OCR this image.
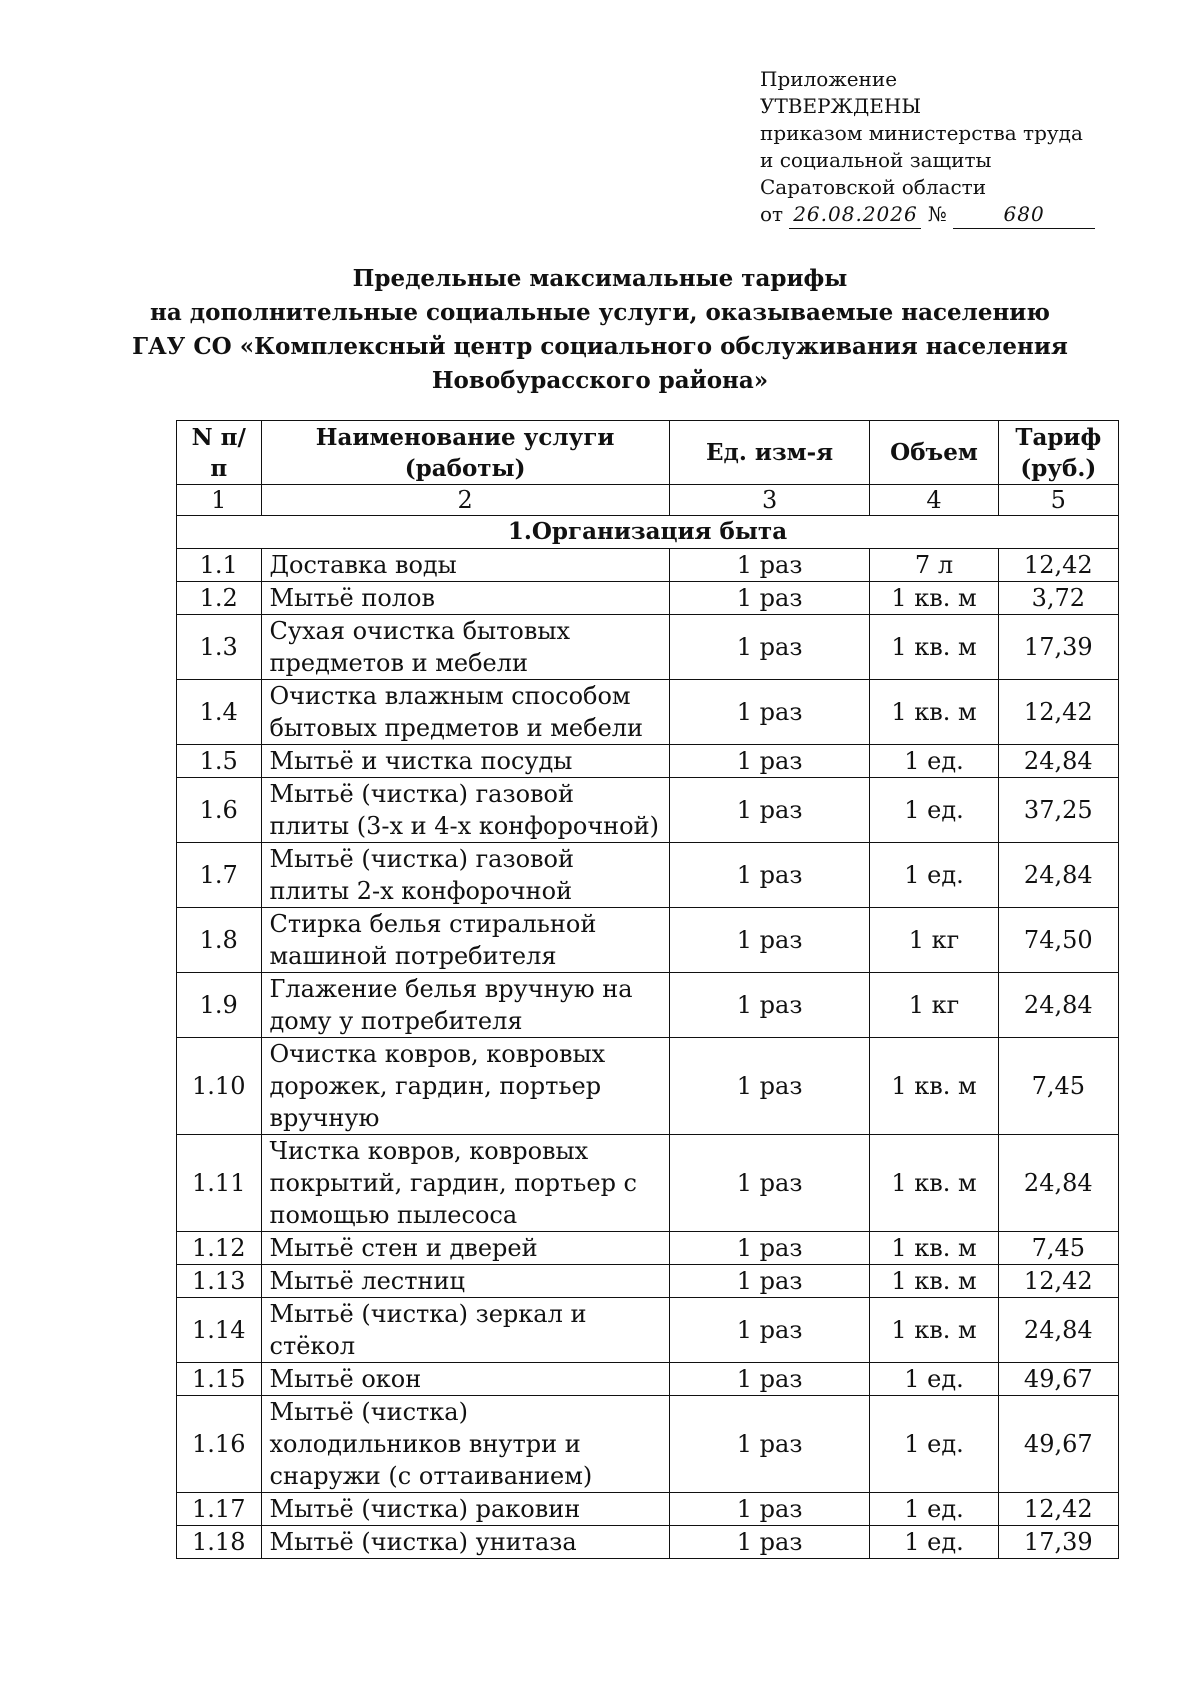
Приложение
УТВЕРЖДЕНЫ
приказом министерства труда
и социальной защиты
Саратовской области
от 26.08.2026 №	680
Предельные максимальные тарифы
на дополнительные социальные услуги, оказываемые населению
ГАУ СО «Комплексный центр социального обслуживания населения
Новобурасского района»
N п/п	Наименование услуги (работы)	Ед. изм-я	Объем	Тариф (руб.)
1	2	3	4	5
1.Организация быта				
1.1	Доставка воды	1 раз	7 л	12,42
1.2	Мытьё полов	1 раз	1 кв. м	3,72
1.3	Сухая очистка бытовых предметов и мебели	1 раз	1 кв. м	17,39
1.4	Очистка влажным способом бытовых предметов и мебели	1 раз	1 кв. м	12,42
1.5	Мытьё и чистка посуды	1 раз	1 ед.	24,84
1.6	Мытьё (чистка) газовой плиты (3-х и 4-х конфорочной)	1 раз	1 ед.	37,25
1.7	Мытьё (чистка) газовой плиты 2-х конфорочной	1 раз	1 ед.	24,84
1.8	Стирка белья стиральной машиной потребителя	1 раз	1 кг	74,50
1.9	Глажение белья вручную на дому у потребителя	1 раз	1 кг	24,84
1.10	Очистка ковров, ковровых дорожек, гардин, портьер вручную	1 раз	1 кв. м	7,45
1.11	Чистка ковров, ковровых покрытий, гардин, портьер с помощью пылесоса	1 раз	1 кв. м	24,84
1.12	Мытьё стен и дверей	1 раз	1 кв. м	7,45
1.13	Мытьё лестниц	1 раз	1 кв. м	12,42
1.14	Мытьё (чистка) зеркал и стёкол	1 раз	1 кв. м	24,84
1.15	Мытьё окон	1 раз	1 ед.	49,67
1.16	Мытьё (чистка) холодильников внутри и снаружи (с оттаиванием)	1 раз	1 ед.	49,67
1.17	Мытьё (чистка) раковин	1 раз	1 ед.	12,42
1.18	Мытьё (чистка) унитаза	1 раз	1 ед.	17,39
